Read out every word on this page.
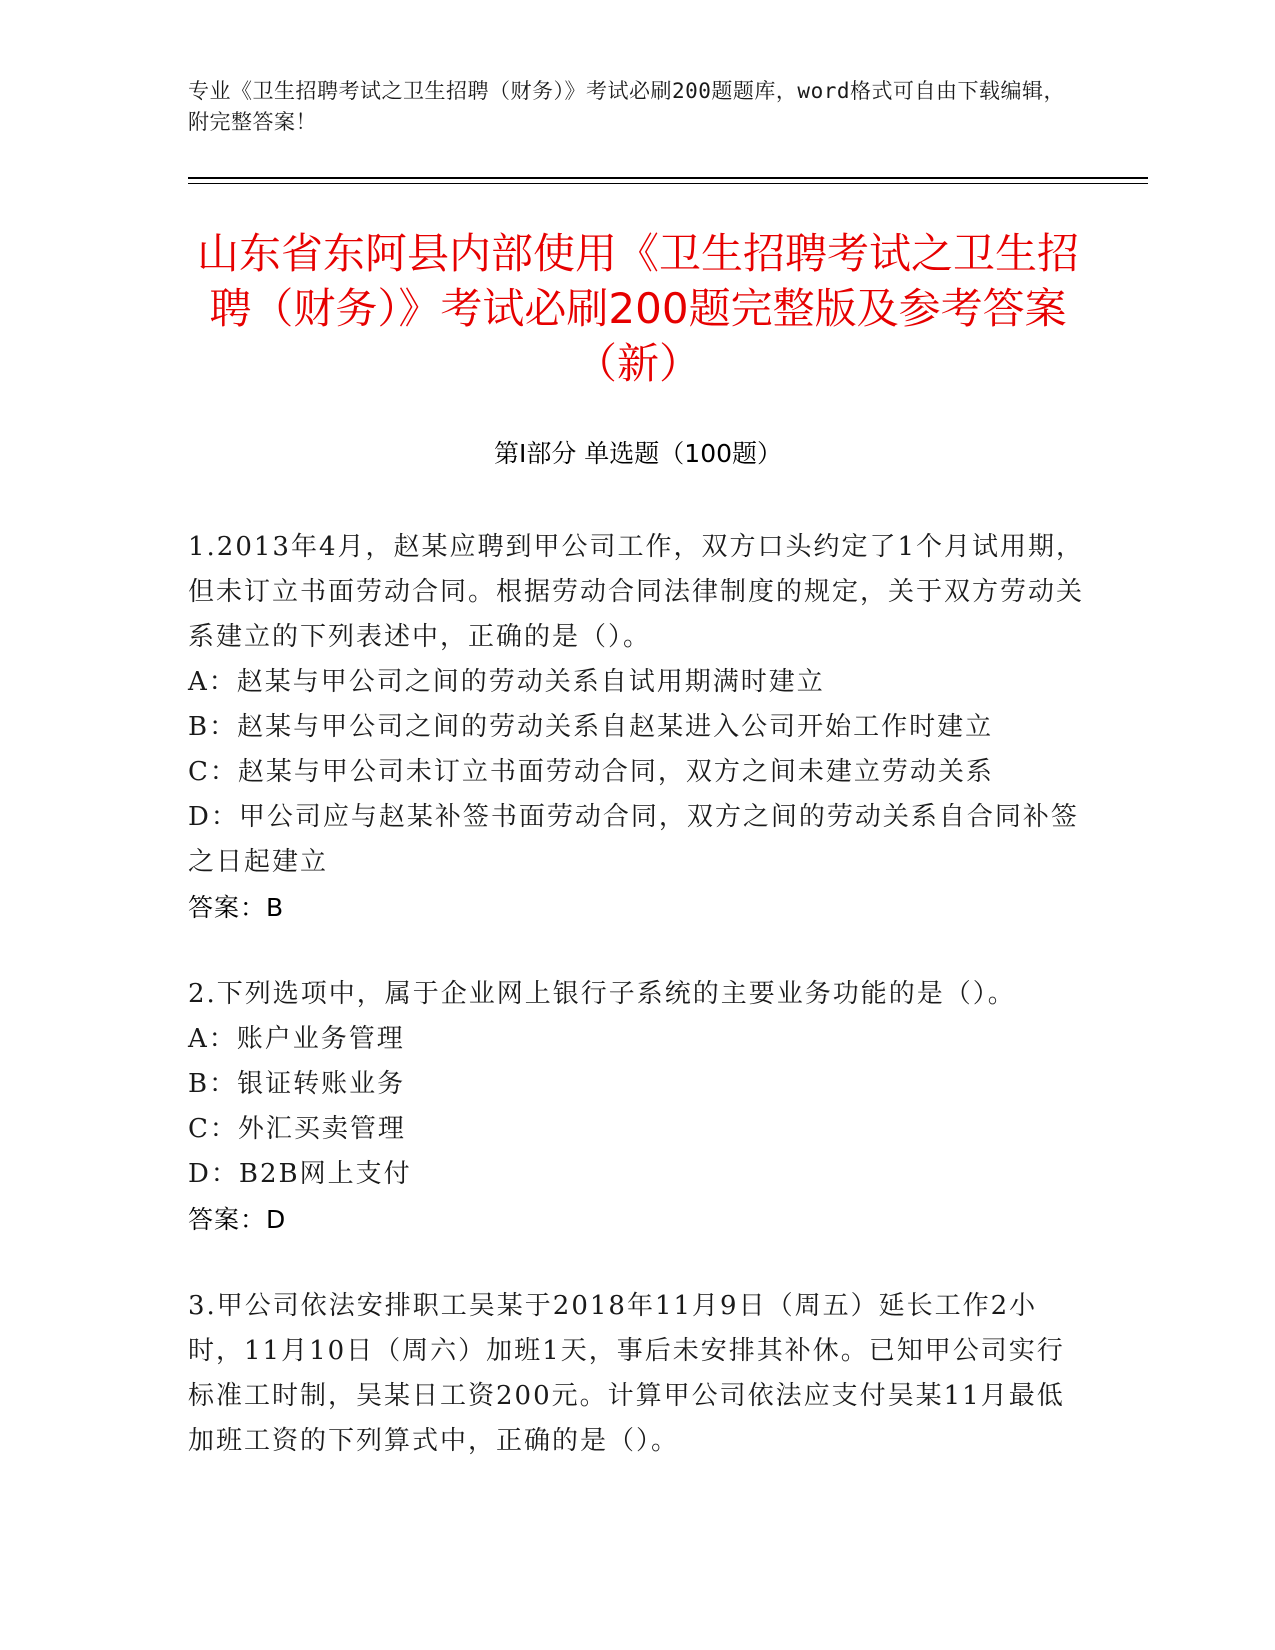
专业《卫生招聘考试之卫生招聘（财务）》考试必刷200题题库，word格式可自由下载编辑，附完整答案！
山东省东阿县内部使用《卫生招聘考试之卫生招聘（财务）》考试必刷200题完整版及参考答案（新）
第Ⅰ部分 单选题（100题）

1.2013年4月，赵某应聘到甲公司工作，双方口头约定了1个月试用期，但未订立书面劳动合同。根据劳动合同法律制度的规定，关于双方劳动关系建立的下列表述中，正确的是（）。

A：赵某与甲公司之间的劳动关系自试用期满时建立

B：赵某与甲公司之间的劳动关系自赵某进入公司开始工作时建立

C：赵某与甲公司未订立书面劳动合同，双方之间未建立劳动关系

D：甲公司应与赵某补签书面劳动合同，双方之间的劳动关系自合同补签之日起建立

答案：B

2.下列选项中，属于企业网上银行子系统的主要业务功能的是（）。

A：账户业务管理

B：银证转账业务

C：外汇买卖管理

D：B2B网上支付

答案：D

3.甲公司依法安排职工吴某于2018年11月9日（周五）延长工作2小时，11月10日（周六）加班1天，事后未安排其补休。已知甲公司实行标准工时制，吴某日工资200元。计算甲公司依法应支付吴某11月最低加班工资的下列算式中，正确的是（）。
